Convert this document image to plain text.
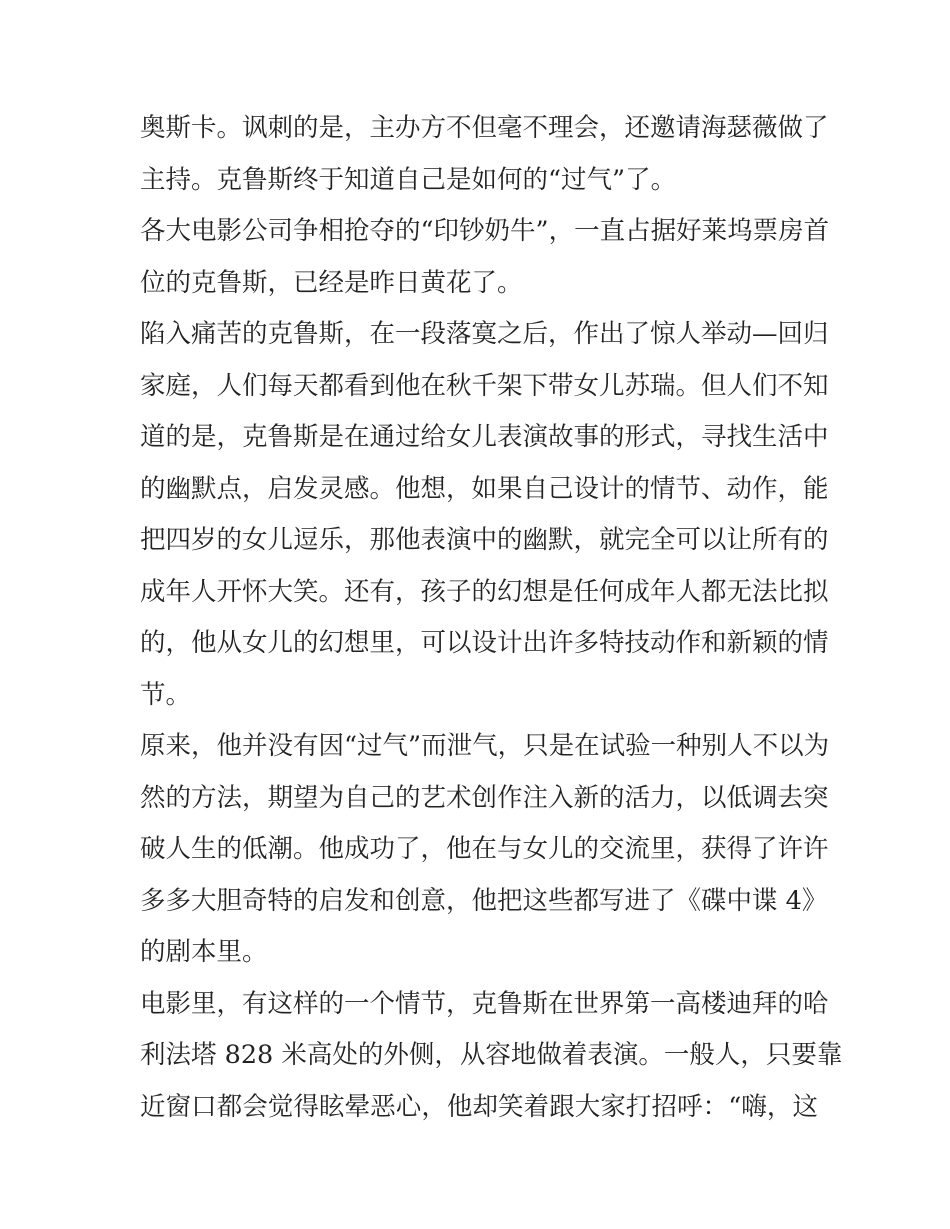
奥斯卡。讽刺的是，主办方不但毫不理会，还邀请海瑟薇做了
主持。克鲁斯终于知道自己是如何的“过气”了。
各大电影公司争相抢夺的“印钞奶牛”，一直占据好莱坞票房首
位的克鲁斯，已经是昨日黄花了。
陷入痛苦的克鲁斯，在一段落寞之后，作出了惊人举动—回归
家庭，人们每天都看到他在秋千架下带女儿苏瑞。但人们不知
道的是，克鲁斯是在通过给女儿表演故事的形式，寻找生活中
的幽默点，启发灵感。他想，如果自己设计的情节、动作，能
把四岁的女儿逗乐，那他表演中的幽默，就完全可以让所有的
成年人开怀大笑。还有，孩子的幻想是任何成年人都无法比拟
的，他从女儿的幻想里，可以设计出许多特技动作和新颖的情
节。
原来，他并没有因“过气”而泄气，只是在试验一种别人不以为
然的方法，期望为自己的艺术创作注入新的活力，以低调去突
破人生的低潮。他成功了，他在与女儿的交流里，获得了许许
多多大胆奇特的启发和创意，他把这些都写进了《碟中谍 4》
的剧本里。
电影里，有这样的一个情节，克鲁斯在世界第一高楼迪拜的哈
利法塔 828 米高处的外侧，从容地做着表演。一般人，只要靠
近窗口都会觉得眩晕恶心，他却笑着跟大家打招呼：“嗨，这
